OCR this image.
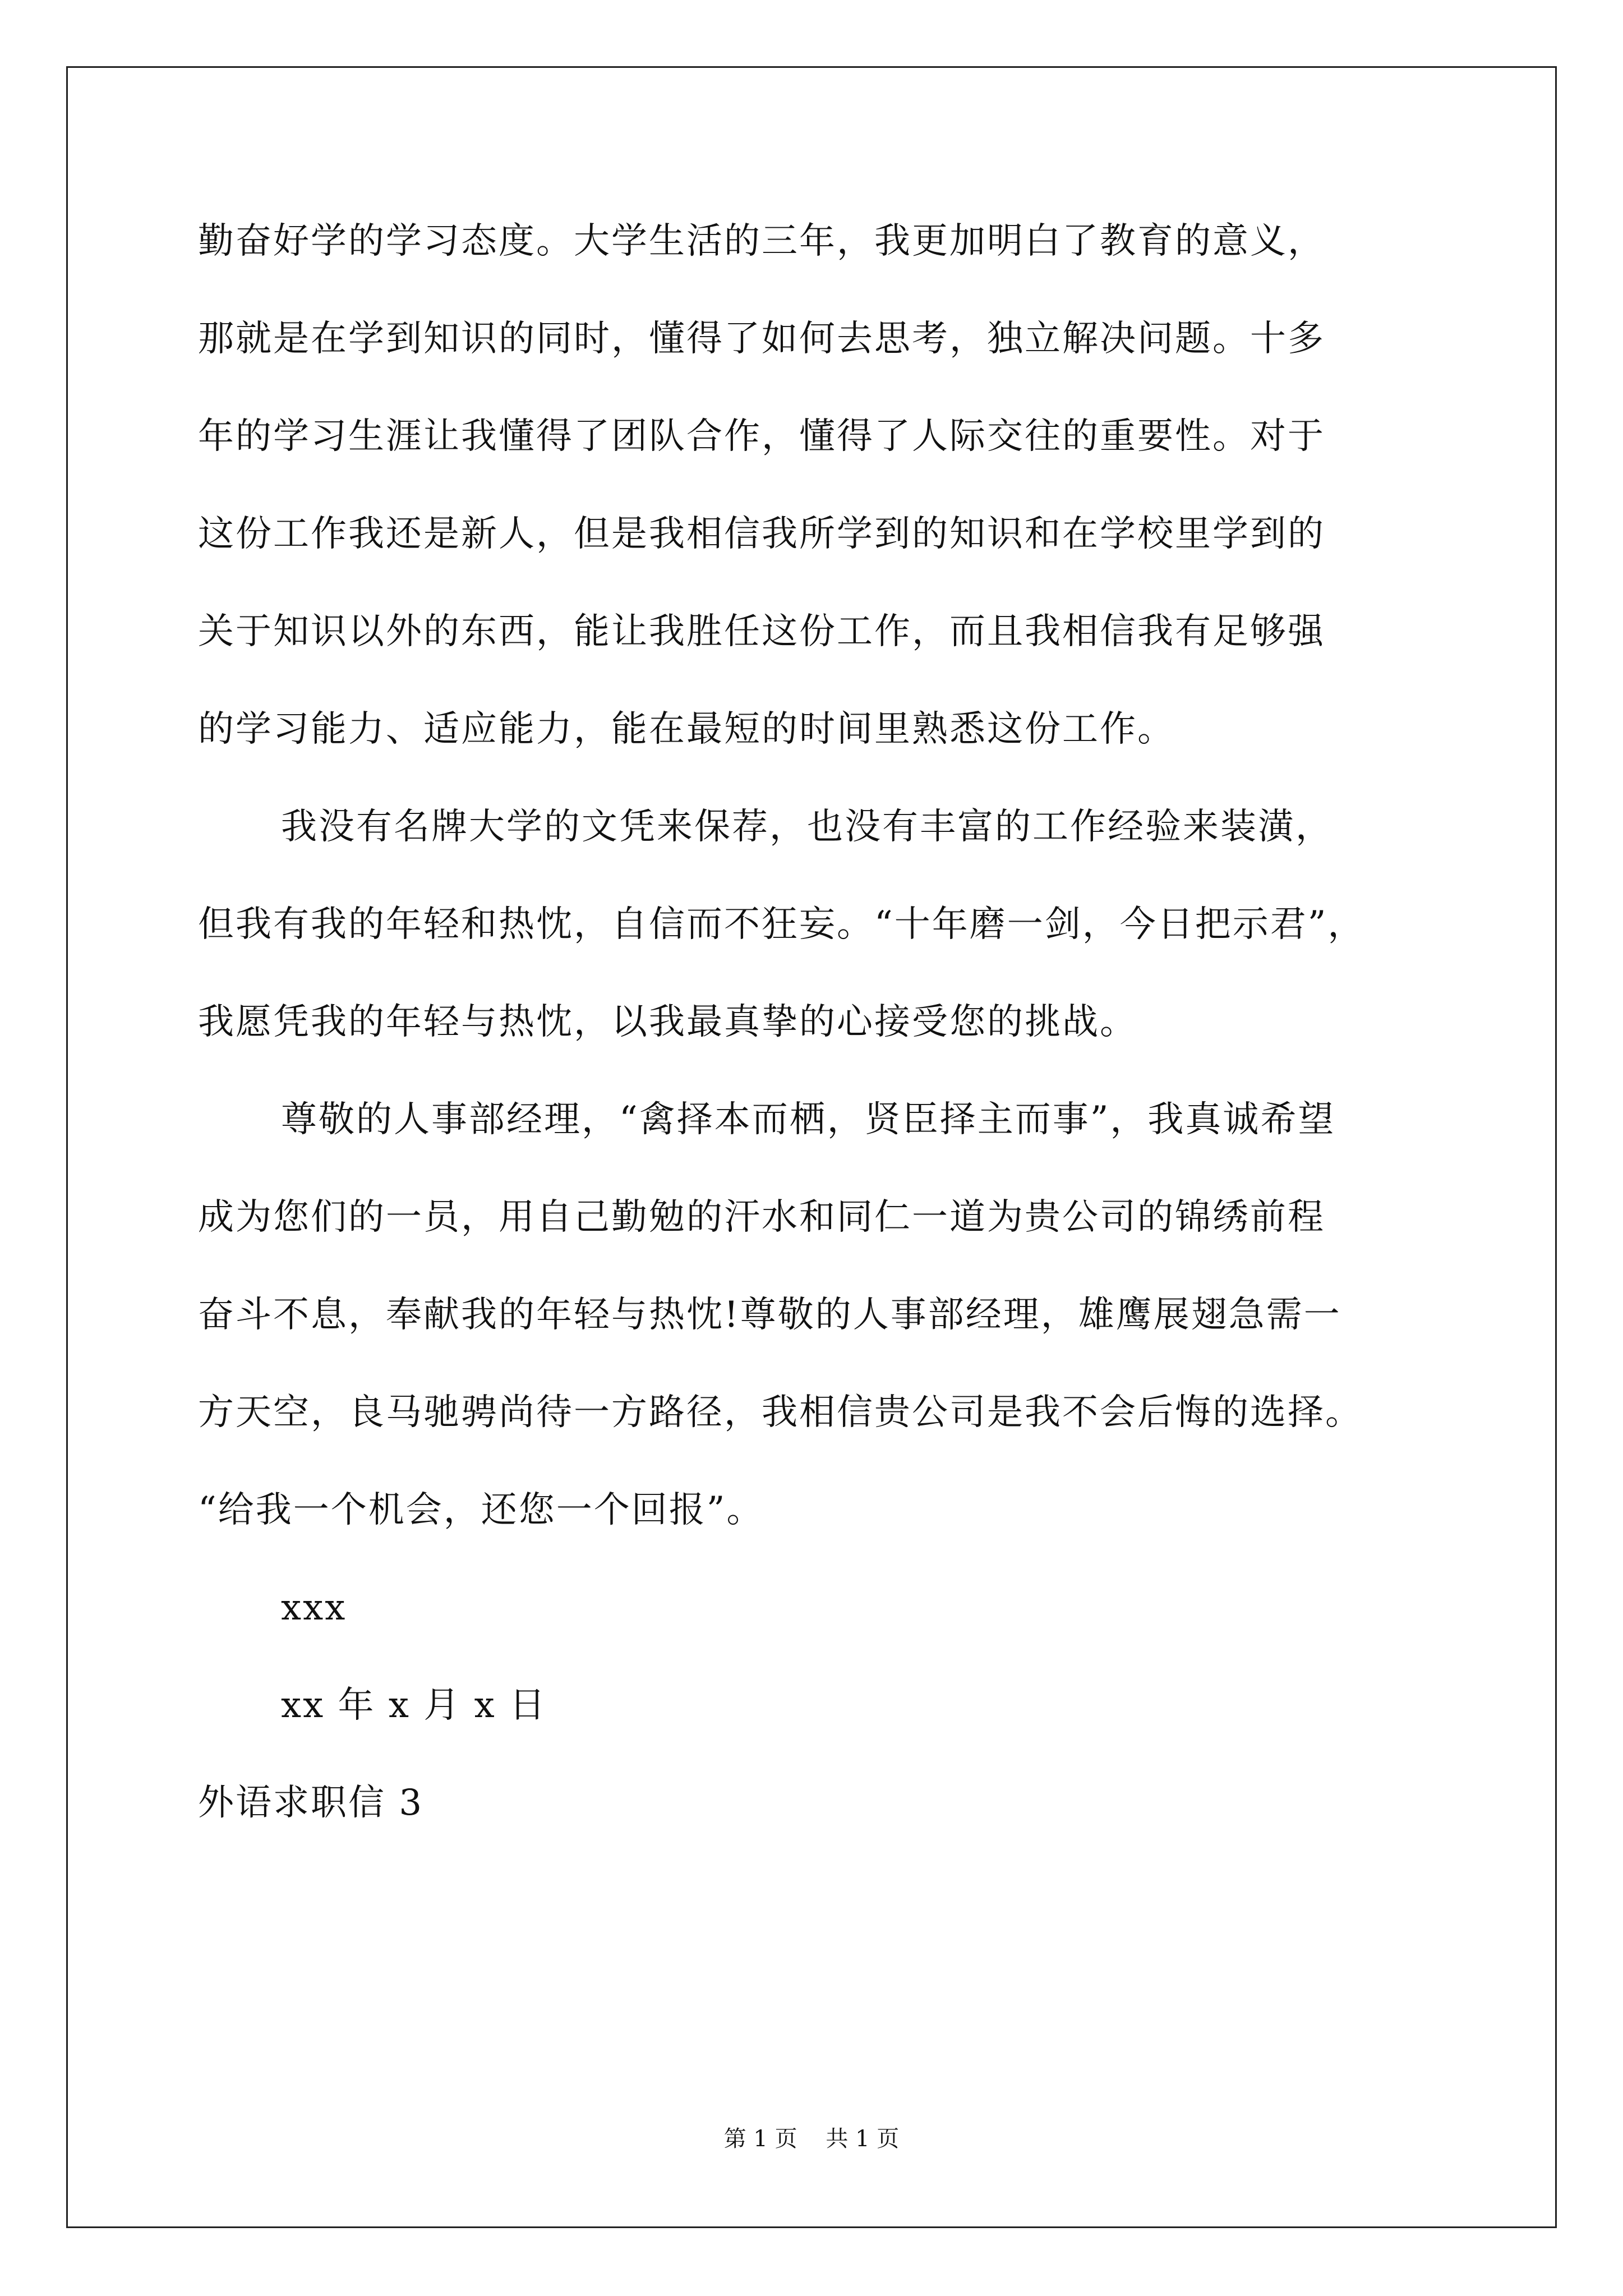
勤奋好学的学习态度。大学生活的三年，我更加明白了教育的意义，
那就是在学到知识的同时，懂得了如何去思考，独立解决问题。十多
年的学习生涯让我懂得了团队合作，懂得了人际交往的重要性。对于
这份工作我还是新人，但是我相信我所学到的知识和在学校里学到的
关于知识以外的东西，能让我胜任这份工作，而且我相信我有足够强
的学习能力、适应能力，能在最短的时间里熟悉这份工作。
我没有名牌大学的文凭来保荐，也没有丰富的工作经验来装潢，
但我有我的年轻和热忱，自信而不狂妄。“十年磨一剑，今日把示君”，
我愿凭我的年轻与热忱，以我最真挚的心接受您的挑战。
尊敬的人事部经理，“禽择本而栖，贤臣择主而事”，我真诚希望
成为您们的一员，用自己勤勉的汗水和同仁一道为贵公司的锦绣前程
奋斗不息，奉献我的年轻与热忱!尊敬的人事部经理，雄鹰展翅急需一
方天空，良马驰骋尚待一方路径，我相信贵公司是我不会后悔的选择。
“给我一个机会，还您一个回报”。
xxx
xx 年 x 月 x 日
外语求职信 3
第 1 页    共 1 页
